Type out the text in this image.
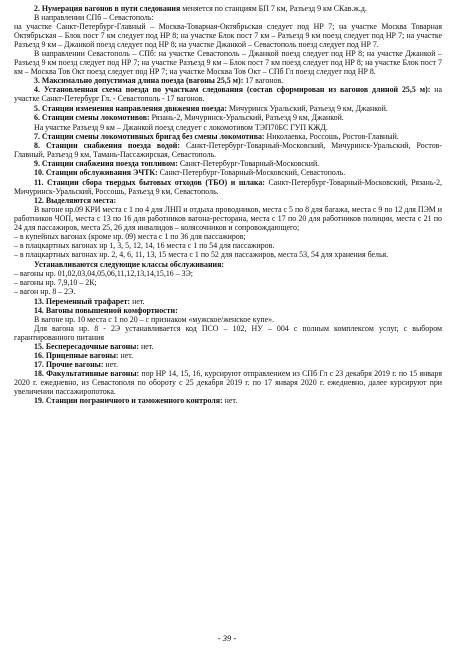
2. Нумерация вагонов в пути следования меняется по станциям БП 7 км, Разъезд 9 км СКав.ж.д.

В направлении СПб – Севастополь:

на участке Санкт-Петербург-Главный – Москва-Товарная-Октябрьская следует под НР 7; на участке Москва Товарная Октябрьская – Блок пост 7 км следует под НР 8; на участке Блок пост 7 км – Разъезд 9 км поезд следует под НР 7; на участке Разъезд 9 км – Джанкой поезд следует под НР 8; на участке Джанкой – Севастополь поезд следует под НР 7.

В направлении Севастополь – СПб: на участке Севастополь – Джанкой поезд следует под НР 8; на участке Джанкой – Разъезд 9 км поезд следует под НР 7; на участке Разъезд 9 км – Блок пост 7 км поезд следует под НР 8; на участке Блок пост 7 км – Москва Тов Окт поезд следует под НР 7; на участке Москва Тов Окт – СПб Гл поезд следует под НР 8.

3. Максимально допустимая длина поезда (вагоны 25,5 м): 17 вагонов.

4. Установленная схема поезда по участкам следования (состав сформирован из вагонов длиной 25,5 м): на участке Санкт-Петербург Гл. - Севастополь - 17 вагонов.

5. Станции изменения направления движения поезда: Мичуринск Уральский, Разъезд 9 км, Джанкой.

6. Станции смены локомотивов: Рязань-2, Мичуринск-Уральский, Разъезд 9 км, Джанкой.

На участке Разъезд 9 км – Джанкой поезд следует с локомотивом ТЭП70БС ГУП КЖД.

7. Станции смены локомотивных бригад без смены локомотива: Николаевка, Россошь, Ростов-Главный.

8. Станции снабжения поезда водой: Санкт-Петербург-Товарный-Московский, Мичуринск-Уральский, Ростов-Главный, Разъезд 9 км, Тамань-Пассажирская, Севастополь.

9. Станции снабжения поезда топливом: Санкт-Петербург-Товарный-Московский.

10. Станции обслуживания ЭЧТК: Санкт-Петербург-Товарный-Московский, Севастополь.

11. Станции сбора твердых бытовых отходов (ТБО) и шлака: Санкт-Петербург-Товарный-Московский, Рязань-2, Мичуринск-Уральский, Россошь, Разъезд 9 км, Севастополь.

12. Выделяются места:

В вагоне нр.09 КРИ места с 1 по 4 для ЛНП и отдыха проводников, места с 5 по 8 для багажа, места с 9 по 12 для ПЭМ и работников ЧОП, места с 13 по 16 для работников вагона-ресторана, места с 17 по 20 для работников полиции, места с 21 по 24 для пассажиров, места 25, 26 для инвалидов – колясочников и сопровождающего;

– в купейных вагонах (кроме нр. 09) места с 1 по 36 для пассажиров;

– в плацкартных вагонах нр 1, 3, 5, 12, 14, 16 места с 1 по 54 для пассажиров.

– в плацкартных вагонах нр. 2, 4, 6, 11, 13, 15 места с 1 по 52 для пассажиров, места 53, 54 для хранения белья.

Устанавливаются следующие классы обслуживания:

– вагоны нр. 01,02,03,04,05,06,11,12,13,14,15,16 – 3Э;

– вагоны нр. 7,9,10 – 2К;

– вагон нр. 8 – 2Э.

13. Переменный трафарет: нет.

14. Вагоны повышенной комфортности:

В вагоне нр. 10 места с 1 по 20 – с признаком «мужское/женское купе».

Для вагона нр. 8 - 2Э устанавливается код ПСО – 102, НУ – 004 с полным комплексом услуг, с выбором гарантированного питания

15. Беспересадочные вагоны: нет.

16. Прицепные вагоны: нет.

17. Прочие вагоны: нет.

18. Факультативные вагоны: пор НР 14, 15, 16, курсируют отправлением из СПб Гл с 23 декабря 2019 г. по 15 января 2020 г. ежедневно, из Севастополя по обороту с 25 декабря 2019 г. по 17 января 2020 г. ежедневно, далее курсируют при увеличении пассажиропотока.

19. Станции пограничного и таможенного контроля: нет.

- 39 -
